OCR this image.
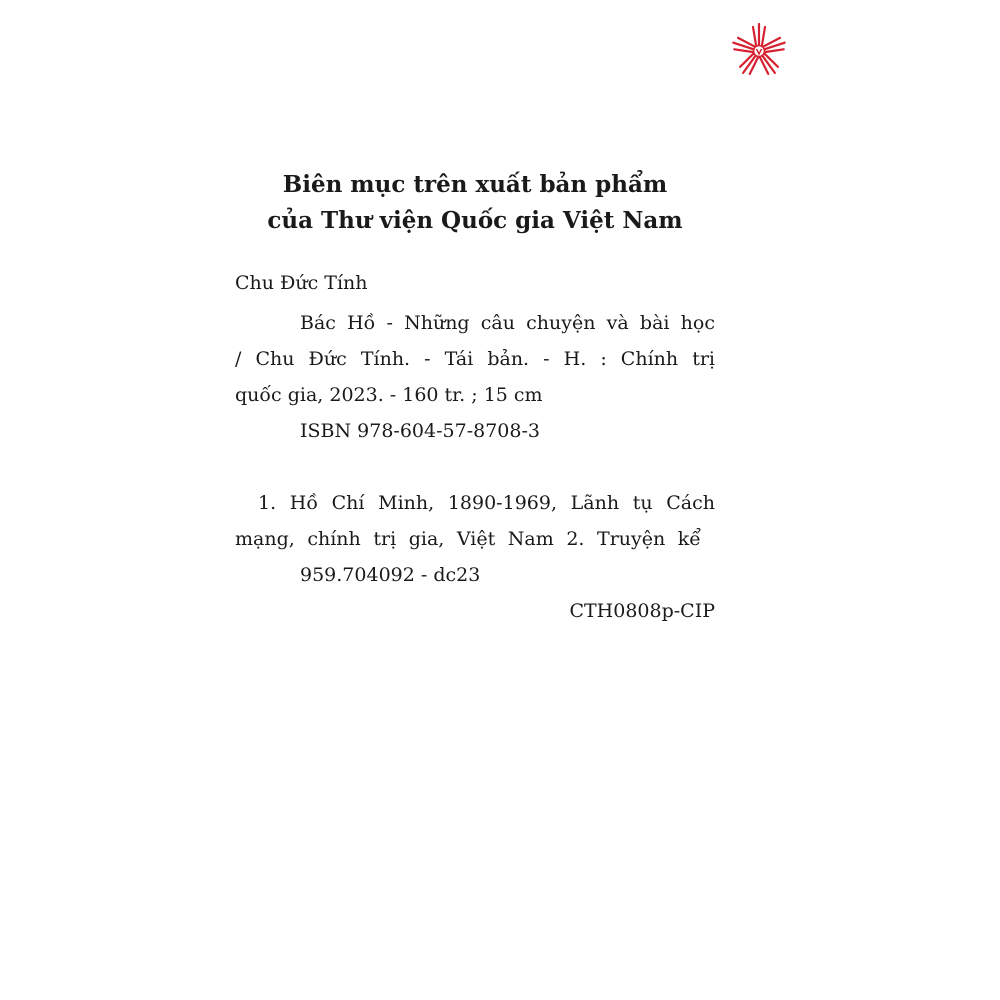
Biên mục trên xuất bản phẩm
của Thư viện Quốc gia Việt Nam
Chu Đức Tính
Bác Hồ - Những câu chuyện và bài học
/ Chu Đức Tính. - Tái bản. - H. : Chính trị
quốc gia, 2023. - 160 tr. ; 15 cm
ISBN 978-604-57-8708-3
1. Hồ Chí Minh, 1890-1969, Lãnh tụ Cách
mạng, chính trị gia, Việt Nam 2. Truyện kể
959.704092 - dc23
CTH0808p-CIP
